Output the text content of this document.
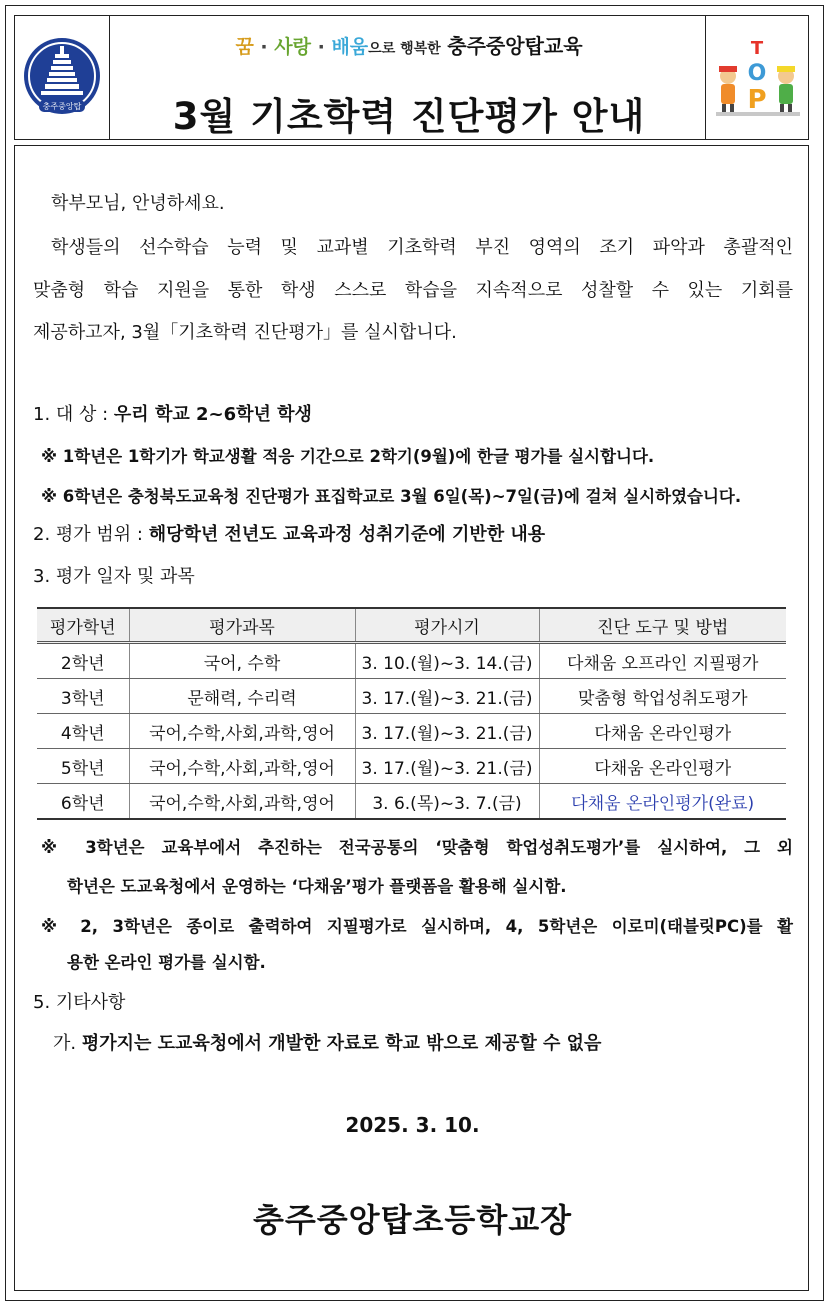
충주중앙탑
꿈 · 사랑 · 배움으로 행복한 충주중앙탑교육
3월 기초학력 진단평가 안내
T
O
P
학부모님, 안녕하세요.
학생들의 선수학습 능력 및 교과별 기초학력 부진 영역의 조기 파악과 총괄적인
맞춤형 학습 지원을 통한 학생 스스로 학습을 지속적으로 성찰할 수 있는 기회를
제공하고자, 3월「기초학력 진단평가」를 실시합니다.
1. 대 상 : 우리 학교 2~6학년 학생
※ 1학년은 1학기가 학교생활 적응 기간으로 2학기(9월)에 한글 평가를 실시합니다.
※ 6학년은 충청북도교육청 진단평가 표집학교로 3월 6일(목)~7일(금)에 걸쳐 실시하였습니다.
2. 평가 범위 : 해당학년 전년도 교육과정 성취기준에 기반한 내용
3. 평가 일자 및 과목
평가학년	평가과목	평가시기	진단 도구 및 방법
2학년	국어, 수학	3. 10.(월)~3. 14.(금)	다채움 오프라인 지필평가
3학년	문해력, 수리력	3. 17.(월)~3. 21.(금)	맞춤형 학업성취도평가
4학년	국어,수학,사회,과학,영어	3. 17.(월)~3. 21.(금)	다채움 온라인평가
5학년	국어,수학,사회,과학,영어	3. 17.(월)~3. 21.(금)	다채움 온라인평가
6학년	국어,수학,사회,과학,영어	3. 6.(목)~3. 7.(금)	다채움 온라인평가(완료)
※ 3학년은 교육부에서 추진하는 전국공통의 ‘맞춤형 학업성취도평가’를 실시하여, 그 외
학년은 도교육청에서 운영하는 ‘다채움’평가 플랫폼을 활용해 실시함.
※ 2, 3학년은 종이로 출력하여 지필평가로 실시하며, 4, 5학년은 이로미(태블릿PC)를 활
용한 온라인 평가를 실시함.
5. 기타사항
가. 평가지는 도교육청에서 개발한 자료로 학교 밖으로 제공할 수 없음
2025. 3. 10.
충주중앙탑초등학교장
